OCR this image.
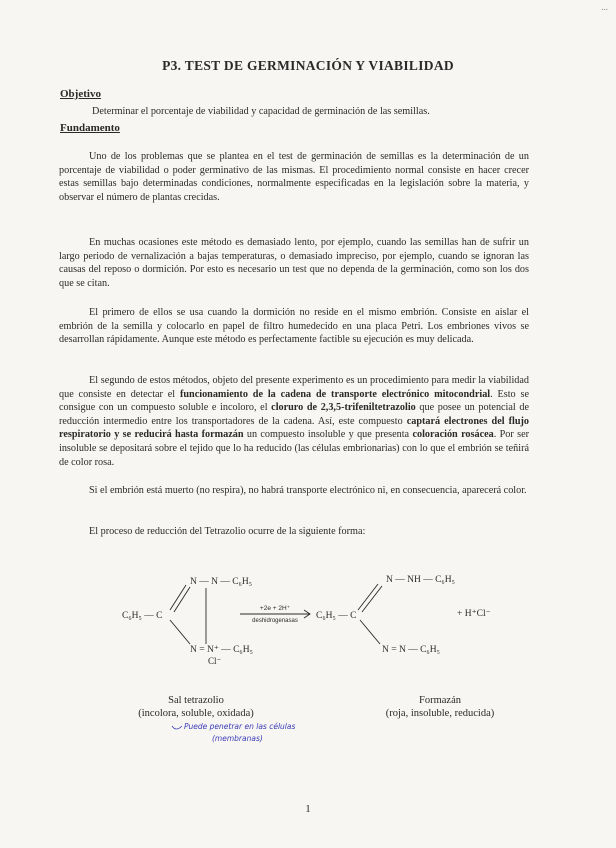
...
P3. TEST DE GERMINACIÓN Y VIABILIDAD
Objetivo
Determinar el porcentaje de viabilidad y capacidad de germinación de las semillas.
Fundamento

Uno de los problemas que se plantea en el test de germinación de semillas es la determinación de un porcentaje de viabilidad o poder germinativo de las mismas. El procedimiento normal consiste en hacer crecer estas semillas bajo determinadas condiciones, normalmente especificadas en la legislación sobre la materia, y observar el número de plantas crecidas.

En muchas ocasiones este método es demasiado lento, por ejemplo, cuando las semillas han de sufrir un largo periodo de vernalización a bajas temperaturas, o demasiado impreciso, por ejemplo, cuando se ignoran las causas del reposo o dormición. Por esto es necesario un test que no dependa de la germinación, como son los dos que se citan.

El primero de ellos se usa cuando la dormición no reside en el mismo embrión. Consiste en aislar el embrión de la semilla y colocarlo en papel de filtro humedecido en una placa Petri. Los embriones vivos se desarrollan rápidamente. Aunque este método es perfectamente factible su ejecución es muy delicada.

El segundo de estos métodos, objeto del presente experimento es un procedimiento para medir la viabilidad que consiste en detectar el funcionamiento de la cadena de transporte electrónico mitocondrial. Esto se consigue con un compuesto soluble e incoloro, el cloruro de 2,3,5-trifeniltetrazolio que posee un potencial de reducción intermedio entre los transportadores de la cadena. Así, este compuesto captará electrones del flujo respiratorio y se reducirá hasta formazán un compuesto insoluble y que presenta coloración rosácea. Por ser insoluble se depositará sobre el tejido que lo ha reducido (las células embrionarias) con lo que el embrión se teñirá de color rosa.

Si el embrión está muerto (no respira), no habrá transporte electrónico ni, en consecuencia, aparecerá color.

El proceso de reducción del Tetrazolio ocurre de la siguiente forma:

N — N — C₆H₅
C₆H₅ — C
N = N⁺ — C₆H₅
Cl⁻
+2e + 2H⁺
deshidrogenasas
N — NH — C₆H₅
C₆H₅ — C
N = N — C₆H₅
+ H⁺Cl⁻
Sal tetrazolio
(incolora, soluble, oxidada)
Formazán
(roja, insoluble, reducida)
Puede penetrar en las células
(membranas)
1
